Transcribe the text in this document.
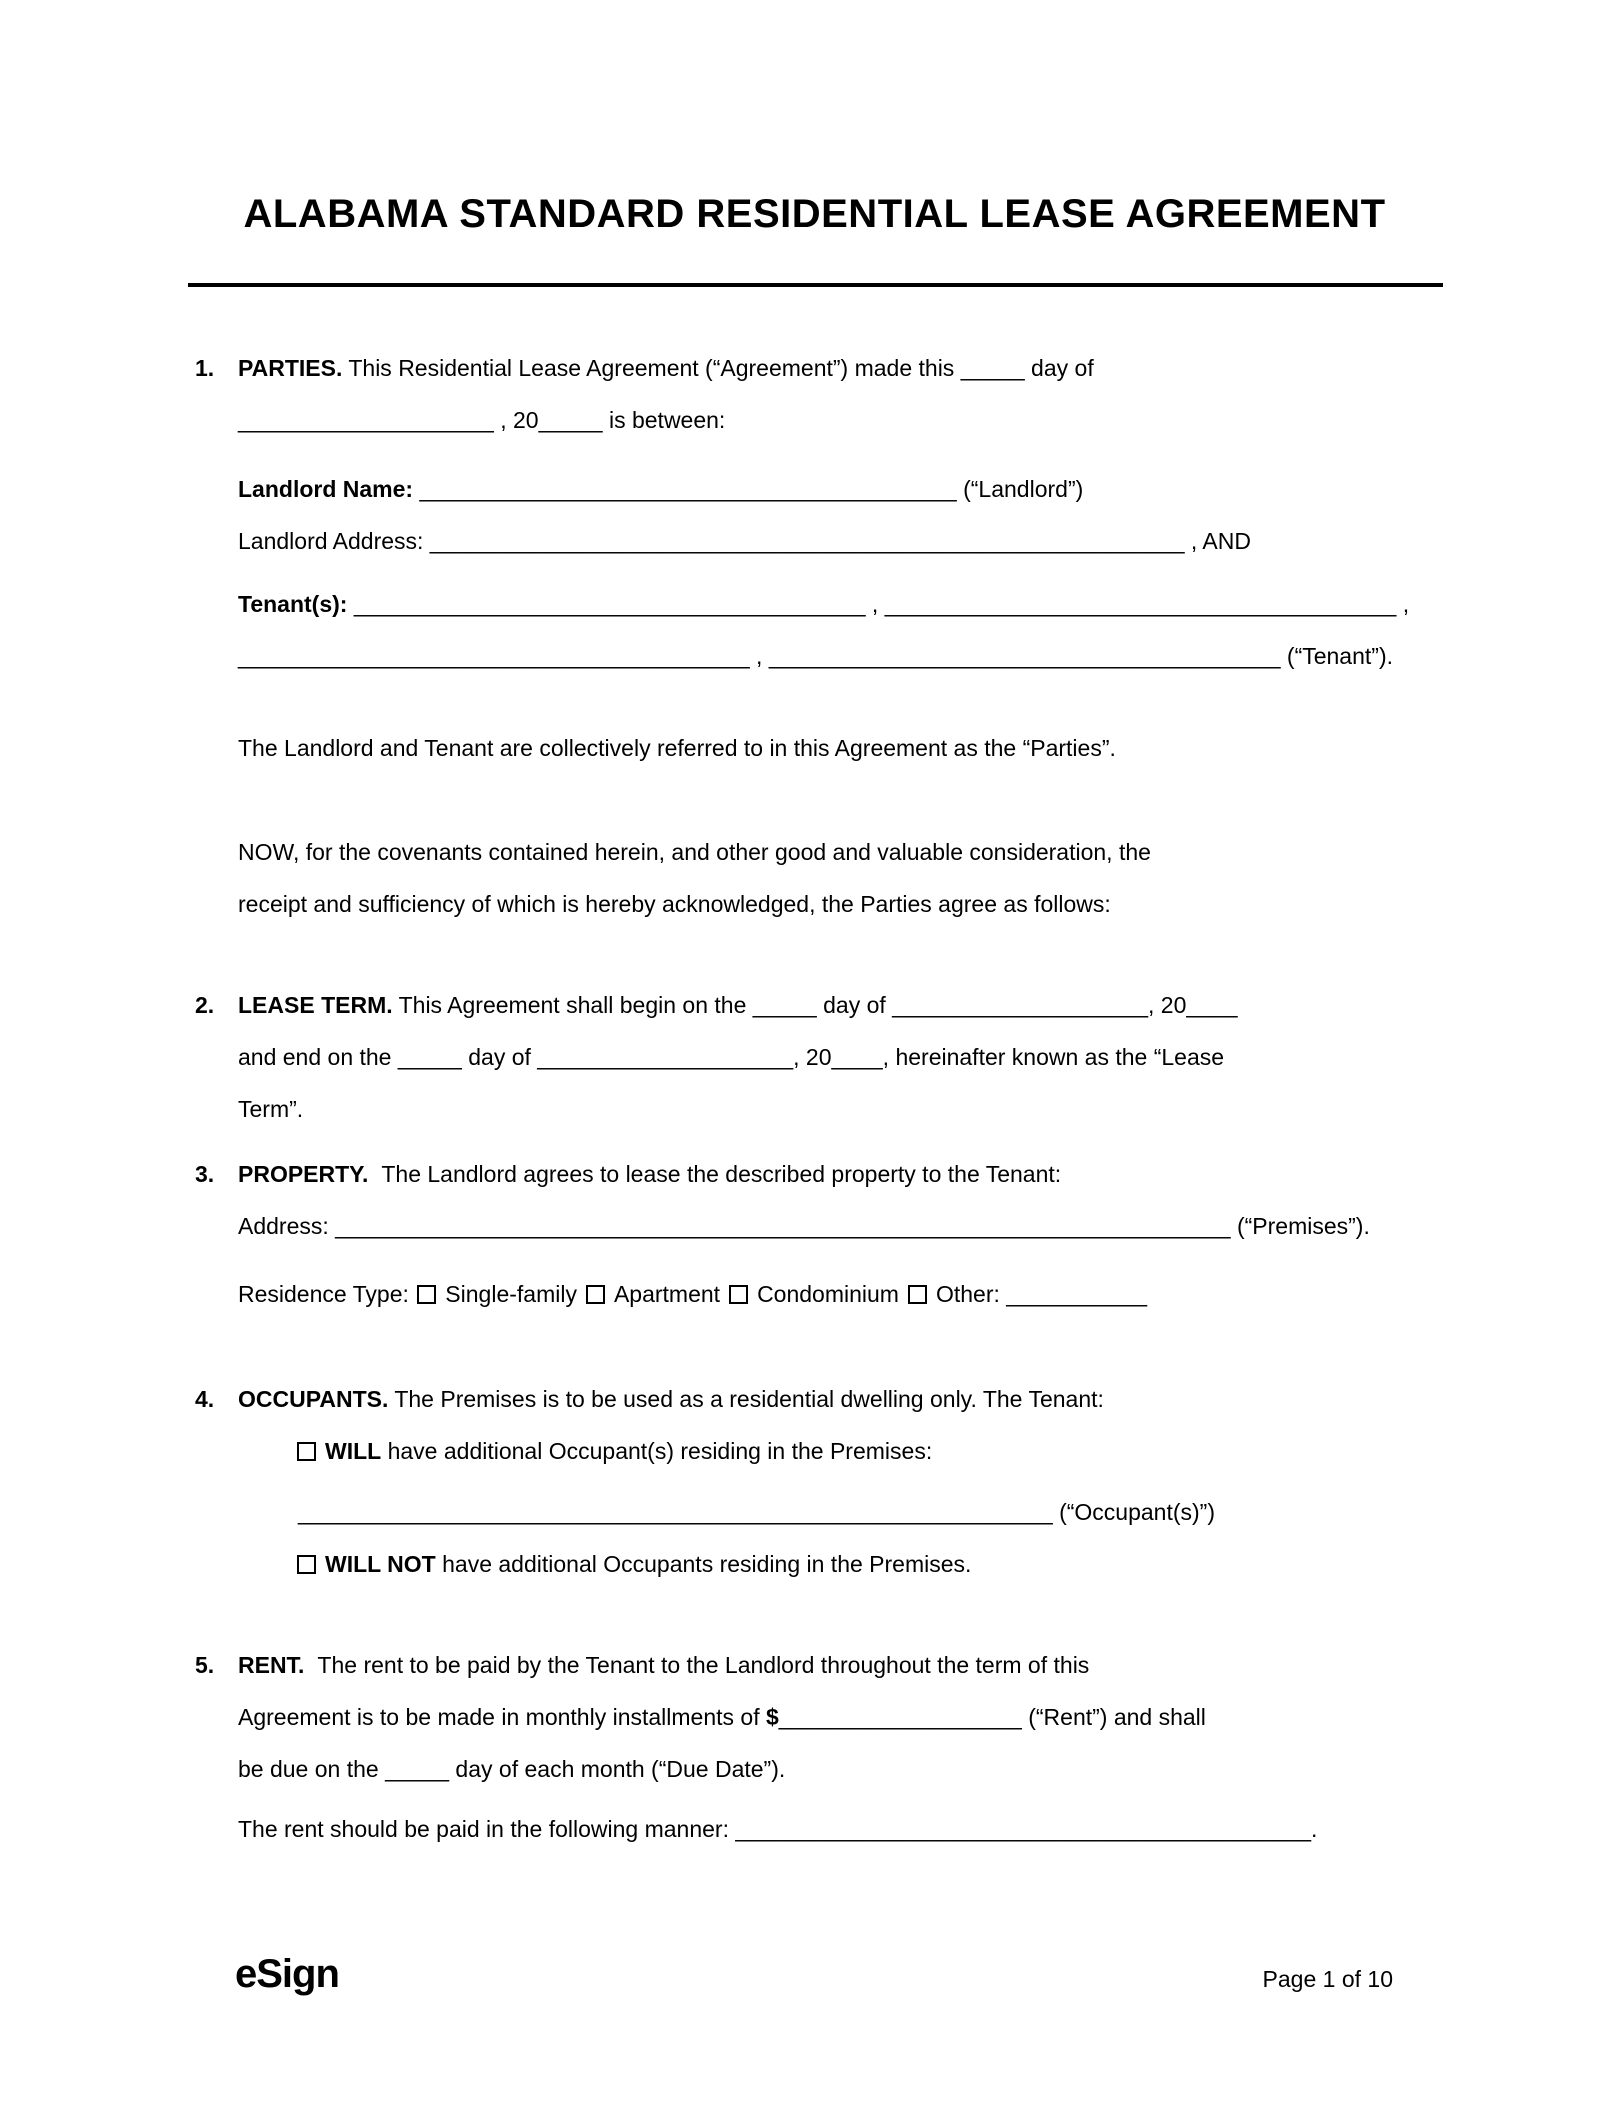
ALABAMA STANDARD RESIDENTIAL LEASE AGREEMENT
1.	PARTIES. This Residential Lease Agreement (“Agreement”) made this _____ day of
____________________ , 20_____ is between:
Landlord Name: __________________________________________ (“Landlord”)
Landlord Address: ___________________________________________________________ , AND
Tenant(s): ________________________________________ , ________________________________________ ,
________________________________________ , ________________________________________ (“Tenant”).
The Landlord and Tenant are collectively referred to in this Agreement as the “Parties”.
NOW, for the covenants contained herein, and other good and valuable consideration, the
receipt and sufficiency of which is hereby acknowledged, the Parties agree as follows:
2.	LEASE TERM. This Agreement shall begin on the _____ day of ____________________, 20____
and end on the _____ day of ____________________, 20____, hereinafter known as the “Lease
Term”.
3.	PROPERTY. The Landlord agrees to lease the described property to the Tenant:
Address: ______________________________________________________________________ (“Premises”).
Residence Type: Single-family Apartment Condominium Other: ___________
4.	OCCUPANTS. The Premises is to be used as a residential dwelling only. The Tenant:
WILL have additional Occupant(s) residing in the Premises:
___________________________________________________________ (“Occupant(s)”)
WILL NOT have additional Occupants residing in the Premises.
5.	RENT. The rent to be paid by the Tenant to the Landlord throughout the term of this
Agreement is to be made in monthly installments of $___________________ (“Rent”) and shall
be due on the _____ day of each month (“Due Date”).
The rent should be paid in the following manner: _____________________________________________.
eSign	Page 1 of 10
